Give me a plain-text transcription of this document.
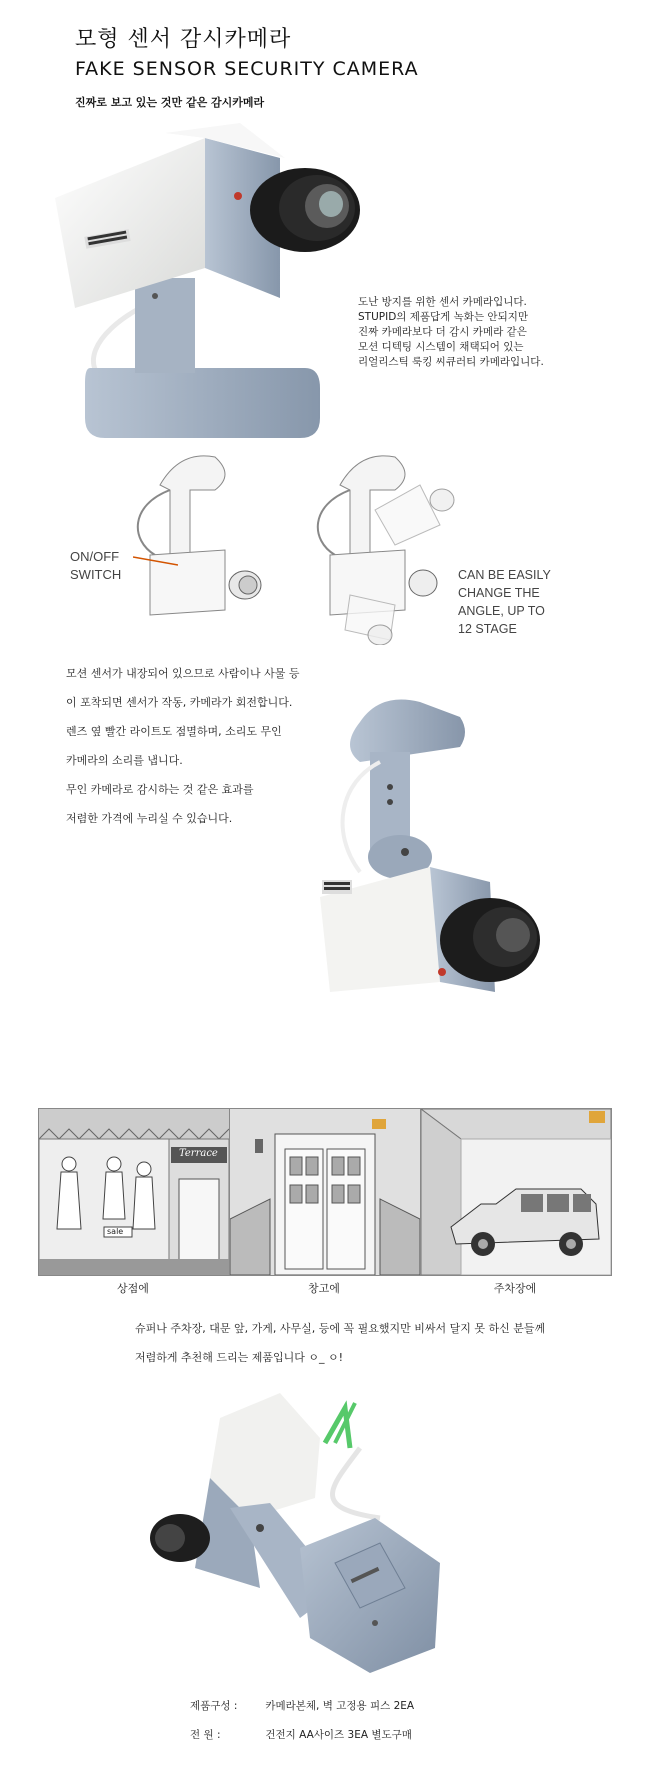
모형 센서 감시카메라
FAKE SENSOR SECURITY CAMERA
진짜로 보고 있는 것만 같은 감시카메라
도난 방지를 위한 센서 카메라입니다.
STUPID의 제품답게 녹화는 안되지만
진짜 카메라보다 더 감시 카메라 같은
모션 디텍팅 시스템이 채택되어 있는
리얼리스틱 룩킹 씨큐러티 카메라입니다.
ON/OFF
SWITCH	CAN BE EASILY
CHANGE THE
ANGLE, UP TO
12 STAGE
모션 센서가 내장되어 있으므로 사람이나 사물 등
이 포착되면 센서가 작동, 카메라가 회전합니다.
렌즈 옆 빨간 라이트도 점멸하며, 소리도 무인
카메라의 소리를 냅니다.
무인 카메라로 감시하는 것 같은 효과를
저렴한 가격에 누리실 수 있습니다.
Terrace
sale
상점에	창고에	주차장에
슈퍼나 주차장, 대문 앞, 가게, 사무실, 등에 꼭 필요했지만 비싸서 달지 못 하신 분들께
저렴하게 추천해 드리는 제품입니다 ㅇ_ ㅇ!
제품구성 :	카메라본체, 벽 고정용 피스 2EA
전 원 :	건전지 AA사이즈 3EA 별도구매
